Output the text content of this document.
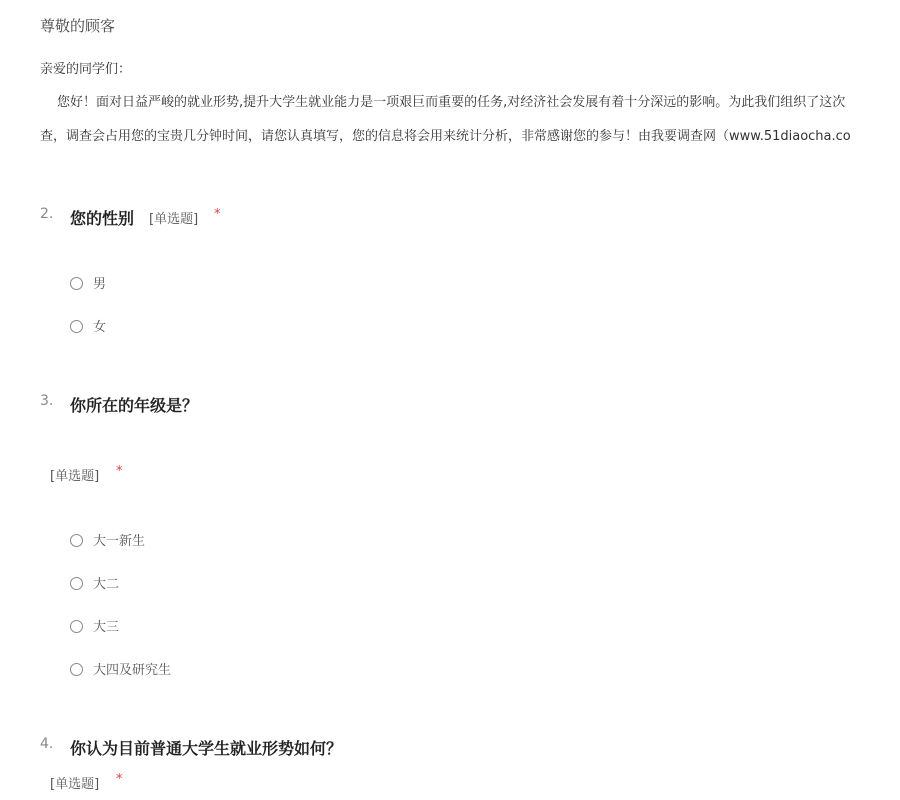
尊敬的顾客
亲爱的同学们：
您好！面对日益严峻的就业形势,提升大学生就业能力是一项艰巨而重要的任务,对经济社会发展有着十分深远的影响。为此我们组织了这次
查，调查会占用您的宝贵几分钟时间，请您认真填写，您的信息将会用来统计分析，非常感谢您的参与！由我要调查网（www.51diaocha.co
2. 您的性别 [单选题] *
男
女
3. 你所在的年级是？
[单选题] *
大一新生
大二
大三
大四及研究生
4. 你认为目前普通大学生就业形势如何？
[单选题] *
